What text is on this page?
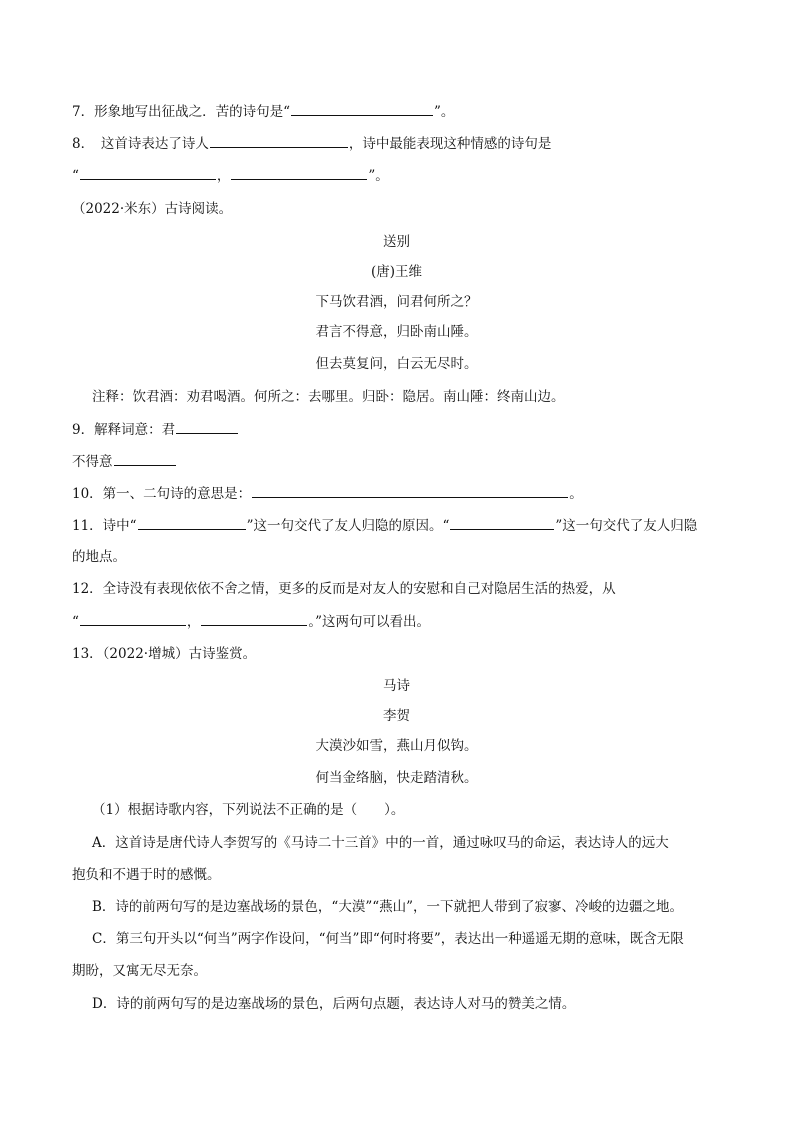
7．形象地写出征战之．苦的诗句是“	”。
8．　这首诗表达了诗人	，诗中最能表现这种情感的诗句是
“	，	”。
（2022·米东）古诗阅读。
送别
(唐)王维
下马饮君酒，问君何所之？
君言不得意，归卧南山陲。
但去莫复问，白云无尽时。
注释：饮君酒：劝君喝酒。何所之：去哪里。归卧：隐居。南山陲：终南山边。
9．解释词意：君
不得意
10．第一、二句诗的意思是：	。
11．诗中“	”这一句交代了友人归隐的原因。“	”这一句交代了友人归隐
的地点。
12．全诗没有表现依依不舍之情，更多的反而是对友人的安慰和自己对隐居生活的热爱，从
“	，	。”这两句可以看出。
13．（2022·增城）古诗鉴赏。
马诗
李贺
大漠沙如雪，燕山月似钩。
何当金络脑，快走踏清秋。
（1）根据诗歌内容，下列说法不正确的是（　　）。
A．这首诗是唐代诗人李贺写的《马诗二十三首》中的一首，通过咏叹马的命运，表达诗人的远大
抱负和不遇于时的感慨。
B．诗的前两句写的是边塞战场的景色，“大漠”“燕山”，一下就把人带到了寂寥、冷峻的边疆之地。
C．第三句开头以“何当”两字作设问，“何当”即“何时将要”，表达出一种遥遥无期的意味，既含无限
期盼，又寓无尽无奈。
D．诗的前两句写的是边塞战场的景色，后两句点题，表达诗人对马的赞美之情。
